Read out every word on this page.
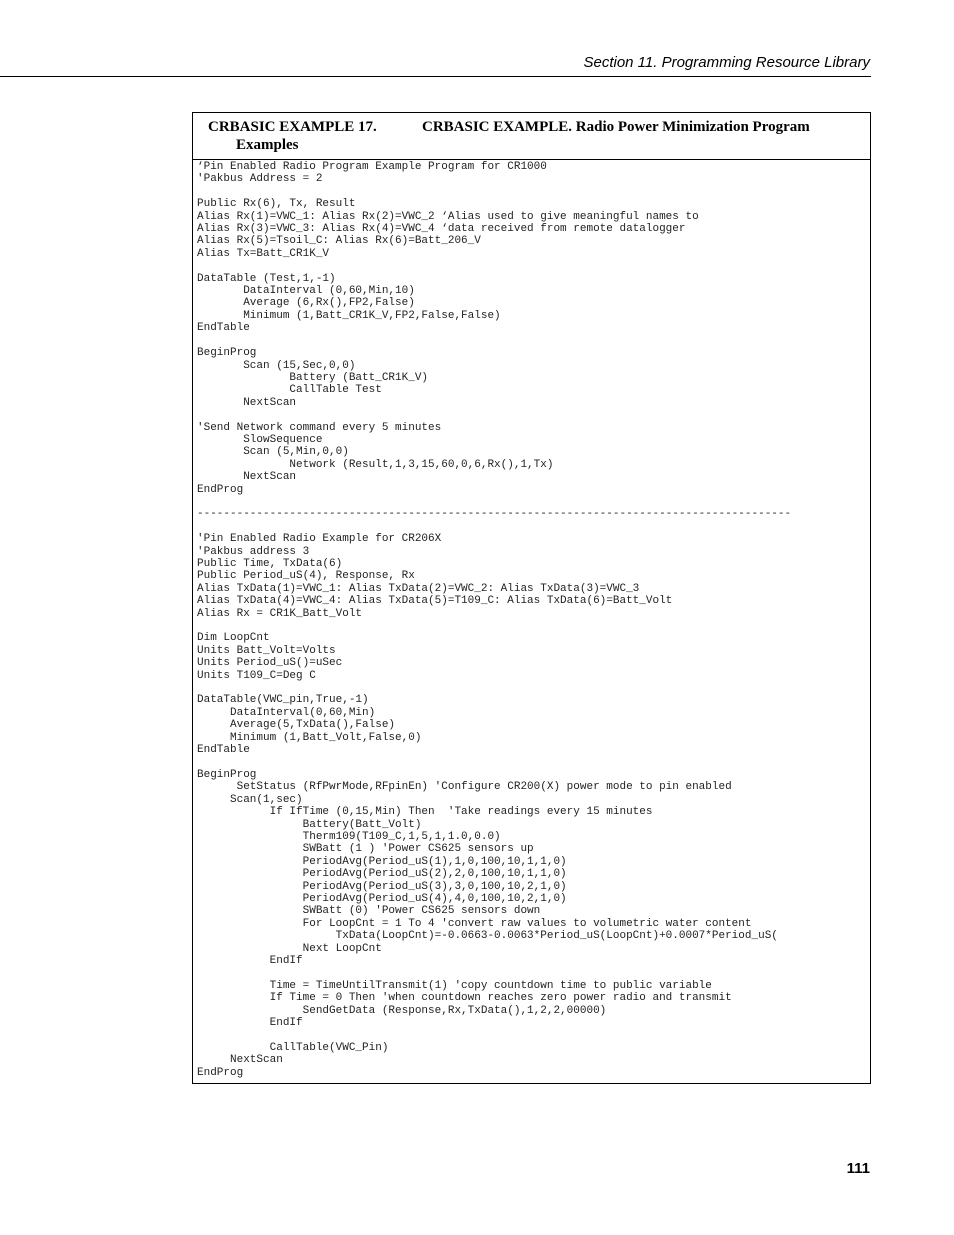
Section 11. Programming Resource Library
CRBASIC EXAMPLE 17.	CRBASIC EXAMPLE. Radio Power Minimization Program
Examples
‘Pin Enabled Radio Program Example Program for CR1000
'Pakbus Address = 2

Public Rx(6), Tx, Result
Alias Rx(1)=VWC_1: Alias Rx(2)=VWC_2 ‘Alias used to give meaningful names to
Alias Rx(3)=VWC_3: Alias Rx(4)=VWC_4 ‘data received from remote datalogger
Alias Rx(5)=Tsoil_C: Alias Rx(6)=Batt_206_V
Alias Tx=Batt_CR1K_V

DataTable (Test,1,-1)
DataInterval (0,60,Min,10)
Average (6,Rx(),FP2,False)
Minimum (1,Batt_CR1K_V,FP2,False,False)
EndTable

BeginProg
Scan (15,Sec,0,0)
Battery (Batt_CR1K_V)
CallTable Test
NextScan

'Send Network command every 5 minutes
SlowSequence
Scan (5,Min,0,0)
Network (Result,1,3,15,60,0,6,Rx(),1,Tx)
NextScan
EndProg

------------------------------------------------------------------------------------------

'Pin Enabled Radio Example for CR206X
'Pakbus address 3
Public Time, TxData(6)
Public Period_uS(4), Response, Rx
Alias TxData(1)=VWC_1: Alias TxData(2)=VWC_2: Alias TxData(3)=VWC_3
Alias TxData(4)=VWC_4: Alias TxData(5)=T109_C: Alias TxData(6)=Batt_Volt
Alias Rx = CR1K_Batt_Volt

Dim LoopCnt
Units Batt_Volt=Volts
Units Period_uS()=uSec
Units T109_C=Deg C

DataTable(VWC_pin,True,-1)
DataInterval(0,60,Min)
Average(5,TxData(),False)
Minimum (1,Batt_Volt,False,0)
EndTable

BeginProg
SetStatus (RfPwrMode,RFpinEn) 'Configure CR200(X) power mode to pin enabled
Scan(1,sec)
If IfTime (0,15,Min) Then  'Take readings every 15 minutes
Battery(Batt_Volt)
Therm109(T109_C,1,5,1,1.0,0.0)
SWBatt (1 ) 'Power CS625 sensors up
PeriodAvg(Period_uS(1),1,0,100,10,1,1,0)
PeriodAvg(Period_uS(2),2,0,100,10,1,1,0)
PeriodAvg(Period_uS(3),3,0,100,10,2,1,0)
PeriodAvg(Period_uS(4),4,0,100,10,2,1,0)
SWBatt (0) 'Power CS625 sensors down
For LoopCnt = 1 To 4 'convert raw values to volumetric water content
TxData(LoopCnt)=-0.0663-0.0063*Period_uS(LoopCnt)+0.0007*Period_uS(
Next LoopCnt
EndIf

Time = TimeUntilTransmit(1) 'copy countdown time to public variable
If Time = 0 Then 'when countdown reaches zero power radio and transmit
SendGetData (Response,Rx,TxData(),1,2,2,00000)
EndIf

CallTable(VWC_Pin)
NextScan
EndProg
111
